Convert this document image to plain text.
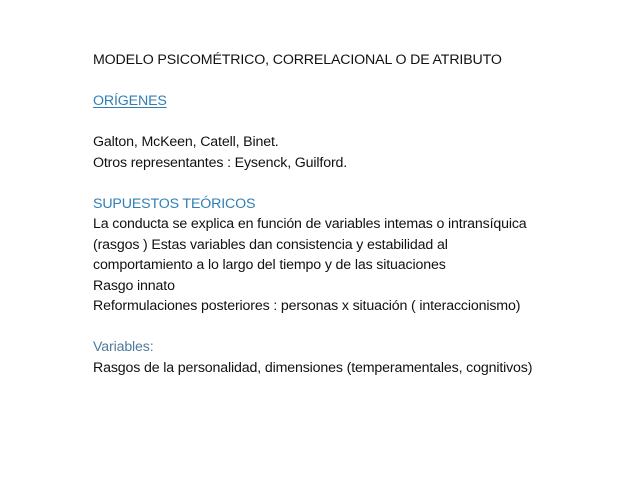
MODELO PSICOMÉTRICO, CORRELACIONAL O DE ATRIBUTO
ORÍGENES
Galton, McKeen, Catell, Binet.
Otros representantes : Eysenck, Guilford.
SUPUESTOS TEÓRICOS
La conducta se explica en función de variables intemas o intransíquica
(rasgos ) Estas variables dan consistencia y estabilidad al
comportamiento a lo largo del tiempo y de las situaciones
Rasgo innato
Reformulaciones posteriores : personas x situación ( interaccionismo)
Variables:
Rasgos de la personalidad, dimensiones (temperamentales, cognitivos)
